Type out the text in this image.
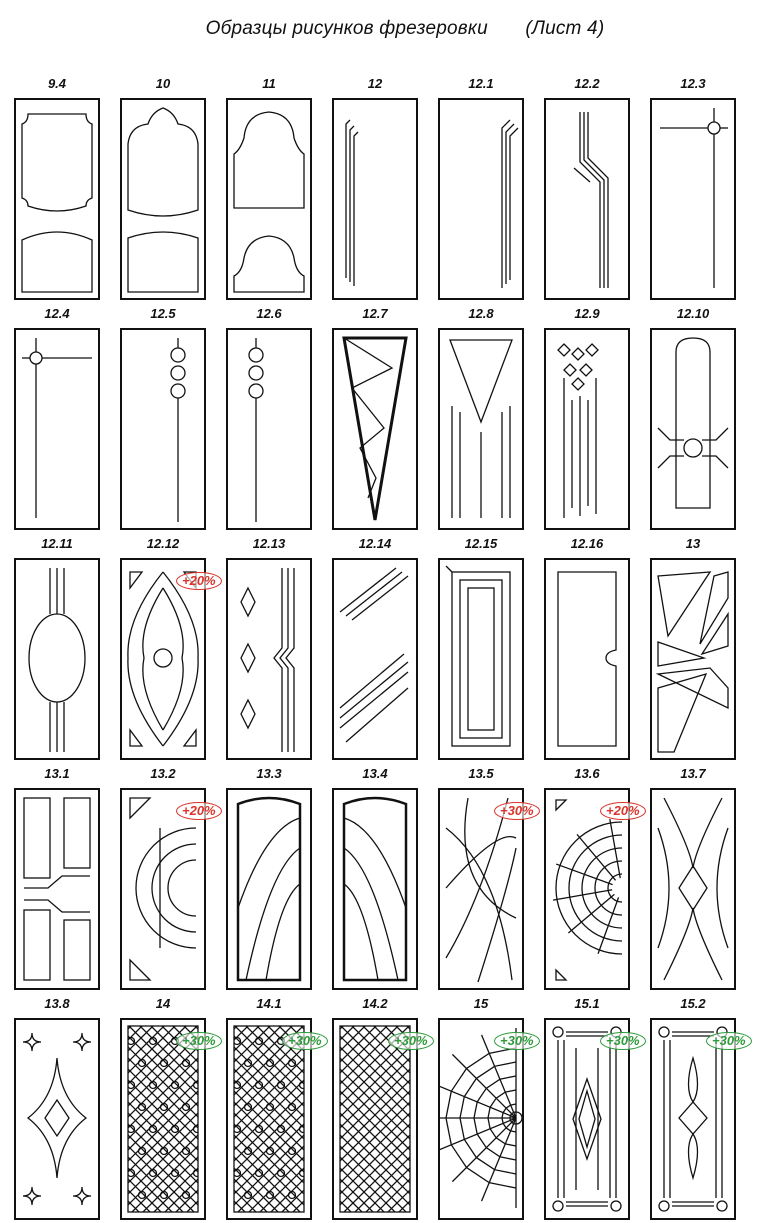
Образцы рисунков фрезеровки (Лист 4)
9.4	10	11	12	12.1	12.2	12.3
12.4	12.5	12.6	12.7	12.8	12.9	12.10
12.11	12.12
+20%
12.13	12.14	12.15	12.16	13
13.1	13.2
+20%
13.3	13.4	13.5
+30%
13.6
+20%
13.7
13.8	14
+30%
14.1
+30%
14.2
+30%
15
+30%
15.1
+30%
15.2
+30%
